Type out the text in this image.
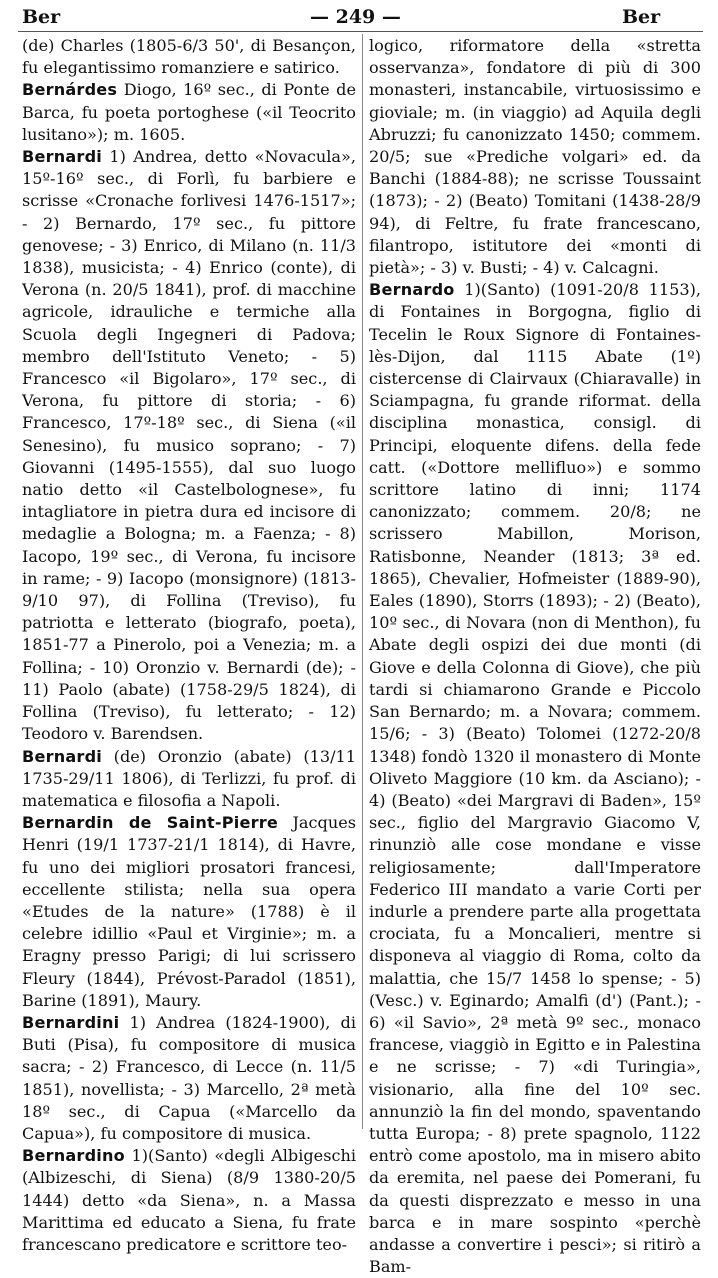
Ber	— 249 —	Ber

(de) Charles (1805-6/3 50', di Besançon, fu elegantissimo romanziere e satirico.

Bernárdes Diogo, 16º sec., di Ponte de Barca, fu poeta portoghese («il Teocrito lusitano»); m. 1605.

Bernardi 1) Andrea, detto «Novacula», 15º-16º sec., di Forlì, fu barbiere e scrisse «Cronache forlivesi 1476-1517»; - 2) Bernardo, 17º sec., fu pittore genovese; - 3) Enrico, di Milano (n. 11/3 1838), musicista; - 4) Enrico (conte), di Verona (n. 20/5 1841), prof. di macchine agricole, idrauliche e termiche alla Scuola degli Ingegneri di Padova; membro dell'Istituto Veneto; - 5) Francesco «il Bigolaro», 17º sec., di Verona, fu pittore di storia; - 6) Francesco, 17º-18º sec., di Siena («il Senesino), fu musico soprano; - 7) Giovanni (1495-1555), dal suo luogo natio detto «il Castelbolognese», fu intagliatore in pietra dura ed incisore di medaglie a Bologna; m. a Faenza; - 8) Iacopo, 19º sec., di Verona, fu incisore in rame; - 9) Iacopo (monsignore) (1813-9/10 97), di Follina (Treviso), fu patriotta e letterato (biografo, poeta), 1851-77 a Pinerolo, poi a Venezia; m. a Follina; - 10) Oronzio v. Bernardi (de); - 11) Paolo (abate) (1758-29/5 1824), di Follina (Treviso), fu letterato; - 12) Teodoro v. Barendsen.

Bernardi (de) Oronzio (abate) (13/11 1735-29/11 1806), di Terlizzi, fu prof. di matematica e filosofia a Napoli.

Bernardin de Saint-Pierre Jacques Henri (19/1 1737-21/1 1814), di Havre, fu uno dei migliori prosatori francesi, eccellente stilista; nella sua opera «Etudes de la nature» (1788) è il celebre idillio «Paul et Virginie»; m. a Eragny presso Parigi; di lui scrissero Fleury (1844), Prévost-Paradol (1851), Barine (1891), Maury.

Bernardini 1) Andrea (1824-1900), di Buti (Pisa), fu compositore di musica sacra; - 2) Francesco, di Lecce (n. 11/5 1851), novellista; - 3) Marcello, 2ª metà 18º sec., di Capua («Marcello da Capua»), fu compositore di musica.

Bernardino 1)(Santo) «degli Albigeschi (Albizeschi, di Siena) (8/9 1380-20/5 1444) detto «da Siena», n. a Massa Marittima ed educato a Siena, fu frate francescano predicatore e scrittore teo-

logico, riformatore della «stretta osservanza», fondatore di più di 300 monasteri, instancabile, virtuosissimo e gioviale; m. (in viaggio) ad Aquila degli Abruzzi; fu canonizzato 1450; commem. 20/5; sue «Prediche volgari» ed. da Banchi (1884-88); ne scrisse Toussaint (1873); - 2) (Beato) Tomitani (1438-28/9 94), di Feltre, fu frate francescano, filantropo, istitutore dei «monti di pietà»; - 3) v. Busti; - 4) v. Calcagni.

Bernardo 1)(Santo) (1091-20/8 1153), di Fontaines in Borgogna, figlio di Tecelin le Roux Signore di Fontaines-lès-Dijon, dal 1115 Abate (1º) cistercense di Clairvaux (Chiaravalle) in Sciampagna, fu grande riformat. della disciplina monastica, consigl. di Principi, eloquente difens. della fede catt. («Dottore mellifluo») e sommo scrittore latino di inni; 1174 canonizzato; commem. 20/8; ne scrissero Mabillon, Morison, Ratisbonne, Neander (1813; 3ª ed. 1865), Chevalier, Hofmeister (1889-90), Eales (1890), Storrs (1893); - 2) (Beato), 10º sec., di Novara (non di Menthon), fu Abate degli ospizi dei due monti (di Giove e della Colonna di Giove), che più tardi si chiamarono Grande e Piccolo San Bernardo; m. a Novara; commem. 15/6; - 3) (Beato) Tolomei (1272-20/8 1348) fondò 1320 il monastero di Monte Oliveto Maggiore (10 km. da Asciano); - 4) (Beato) «dei Margravi di Baden», 15º sec., figlio del Margravio Giacomo V, rinunziò alle cose mondane e visse religiosamente; dall'Imperatore Federico III mandato a varie Corti per indurle a prendere parte alla progettata crociata, fu a Moncalieri, mentre si disponeva al viaggio di Roma, colto da malattia, che 15/7 1458 lo spense; - 5) (Vesc.) v. Eginardo; Amalfi (d') (Pant.); - 6) «il Savio», 2ª metà 9º sec., monaco francese, viaggiò in Egitto e in Palestina e ne scrisse; - 7) «di Turingia», visionario, alla fine del 10º sec. annunziò la fin del mondo, spaventando tutta Europa; - 8) prete spagnolo, 1122 entrò come apostolo, ma in misero abito da eremita, nel paese dei Pomerani, fu da questi disprezzato e messo in una barca e in mare sospinto «perchè andasse a convertire i pesci»; si ritirò a Bam-
